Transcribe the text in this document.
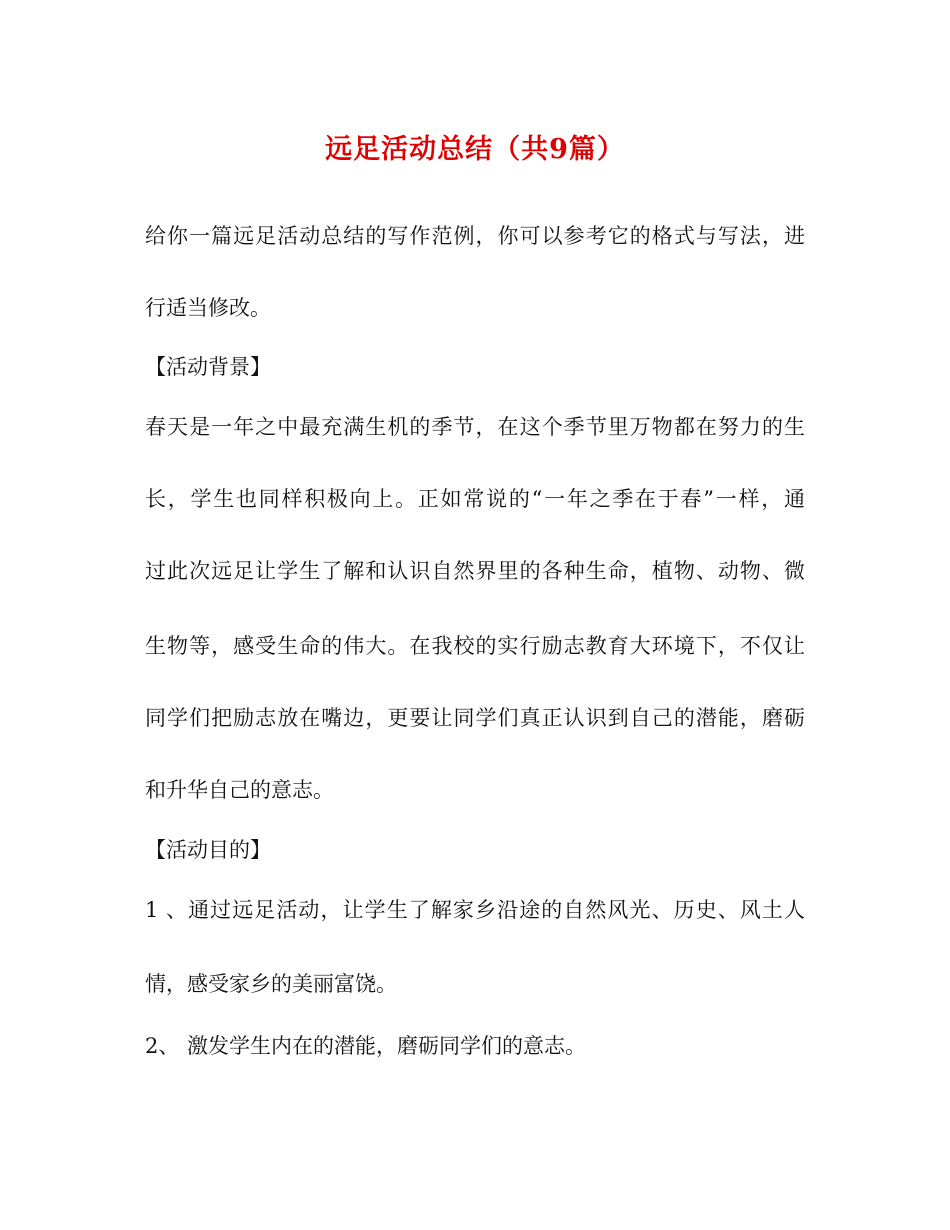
远足活动总结（共9篇）
给你一篇远足活动总结的写作范例，你可以参考它的格式与写法，进
行适当修改。
【活动背景】
春天是一年之中最充满生机的季节，在这个季节里万物都在努力的生
长，学生也同样积极向上。正如常说的“一年之季在于春”一样，通
过此次远足让学生了解和认识自然界里的各种生命，植物、动物、微
生物等，感受生命的伟大。在我校的实行励志教育大环境下，不仅让
同学们把励志放在嘴边，更要让同学们真正认识到自己的潜能，磨砺
和升华自己的意志。
【活动目的】
1、通过远足活动，让学生了解家乡沿途的自然风光、历史、风土人
情，感受家乡的美丽富饶。
2、 激发学生内在的潜能，磨砺同学们的意志。
